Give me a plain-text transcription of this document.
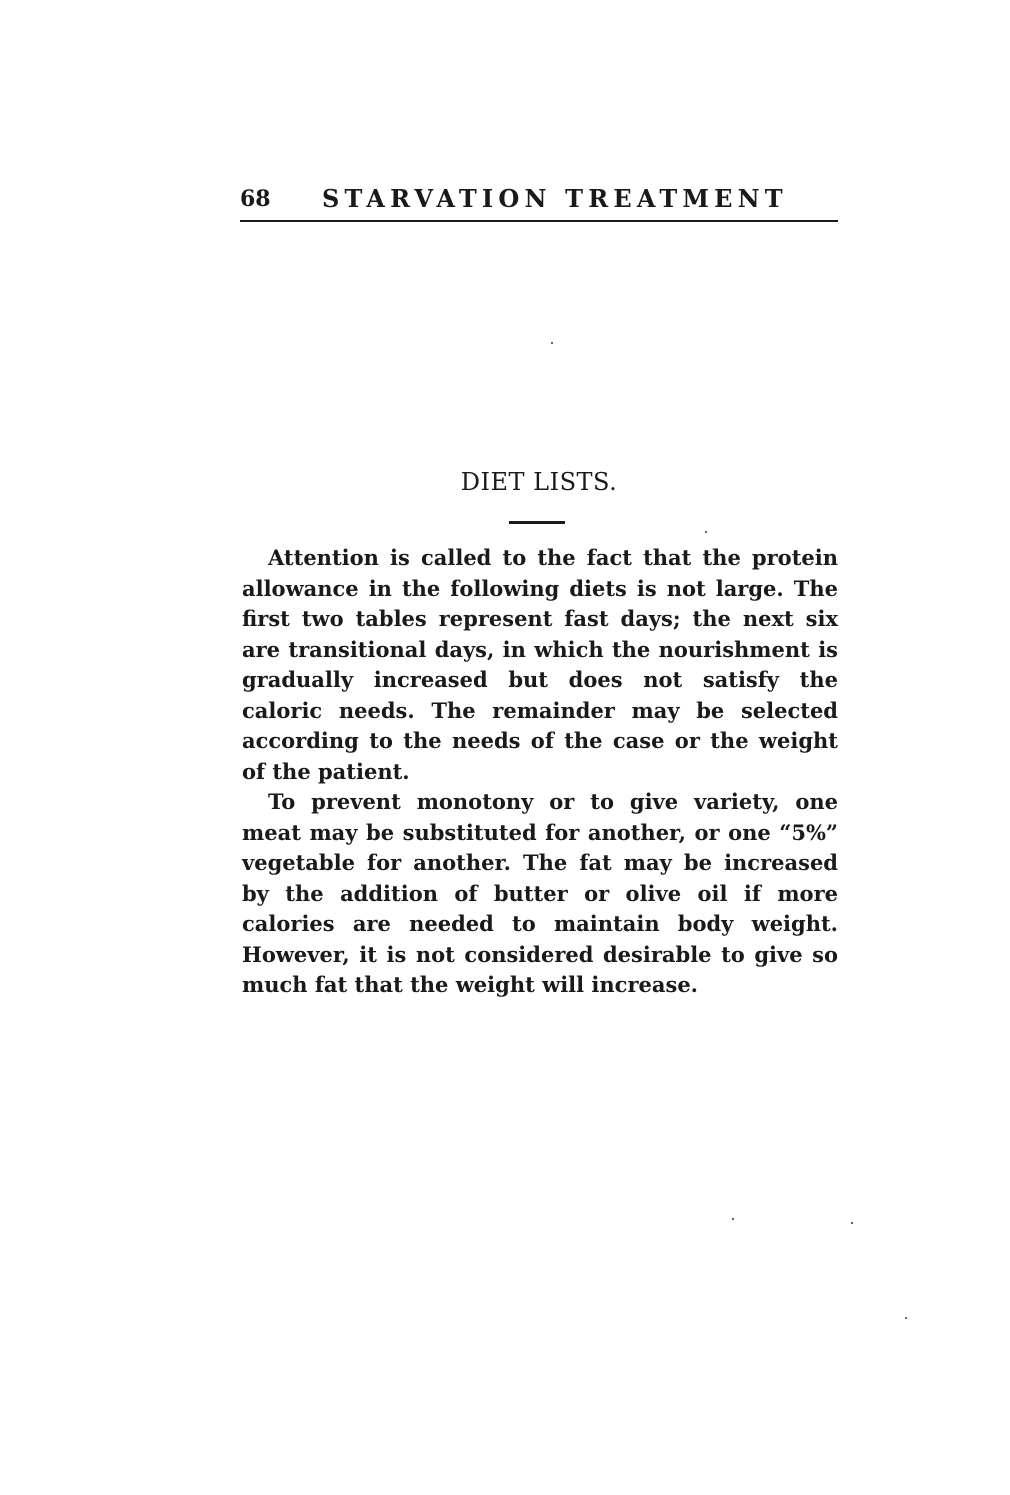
68 STARVATION TREATMENT
DIET LISTS.

Attention is called to the fact that the protein allowance in the following diets is not large. The first two tables represent fast days; the next six are transitional days, in which the nourishment is gradually increased but does not satisfy the caloric needs. The remainder may be selected according to the needs of the case or the weight of the patient.

To prevent monotony or to give variety, one meat may be substituted for another, or one “5%” vegetable for another. The fat may be increased by the addition of butter or olive oil if more calories are needed to maintain body weight. However, it is not considered desirable to give so much fat that the weight will increase.
